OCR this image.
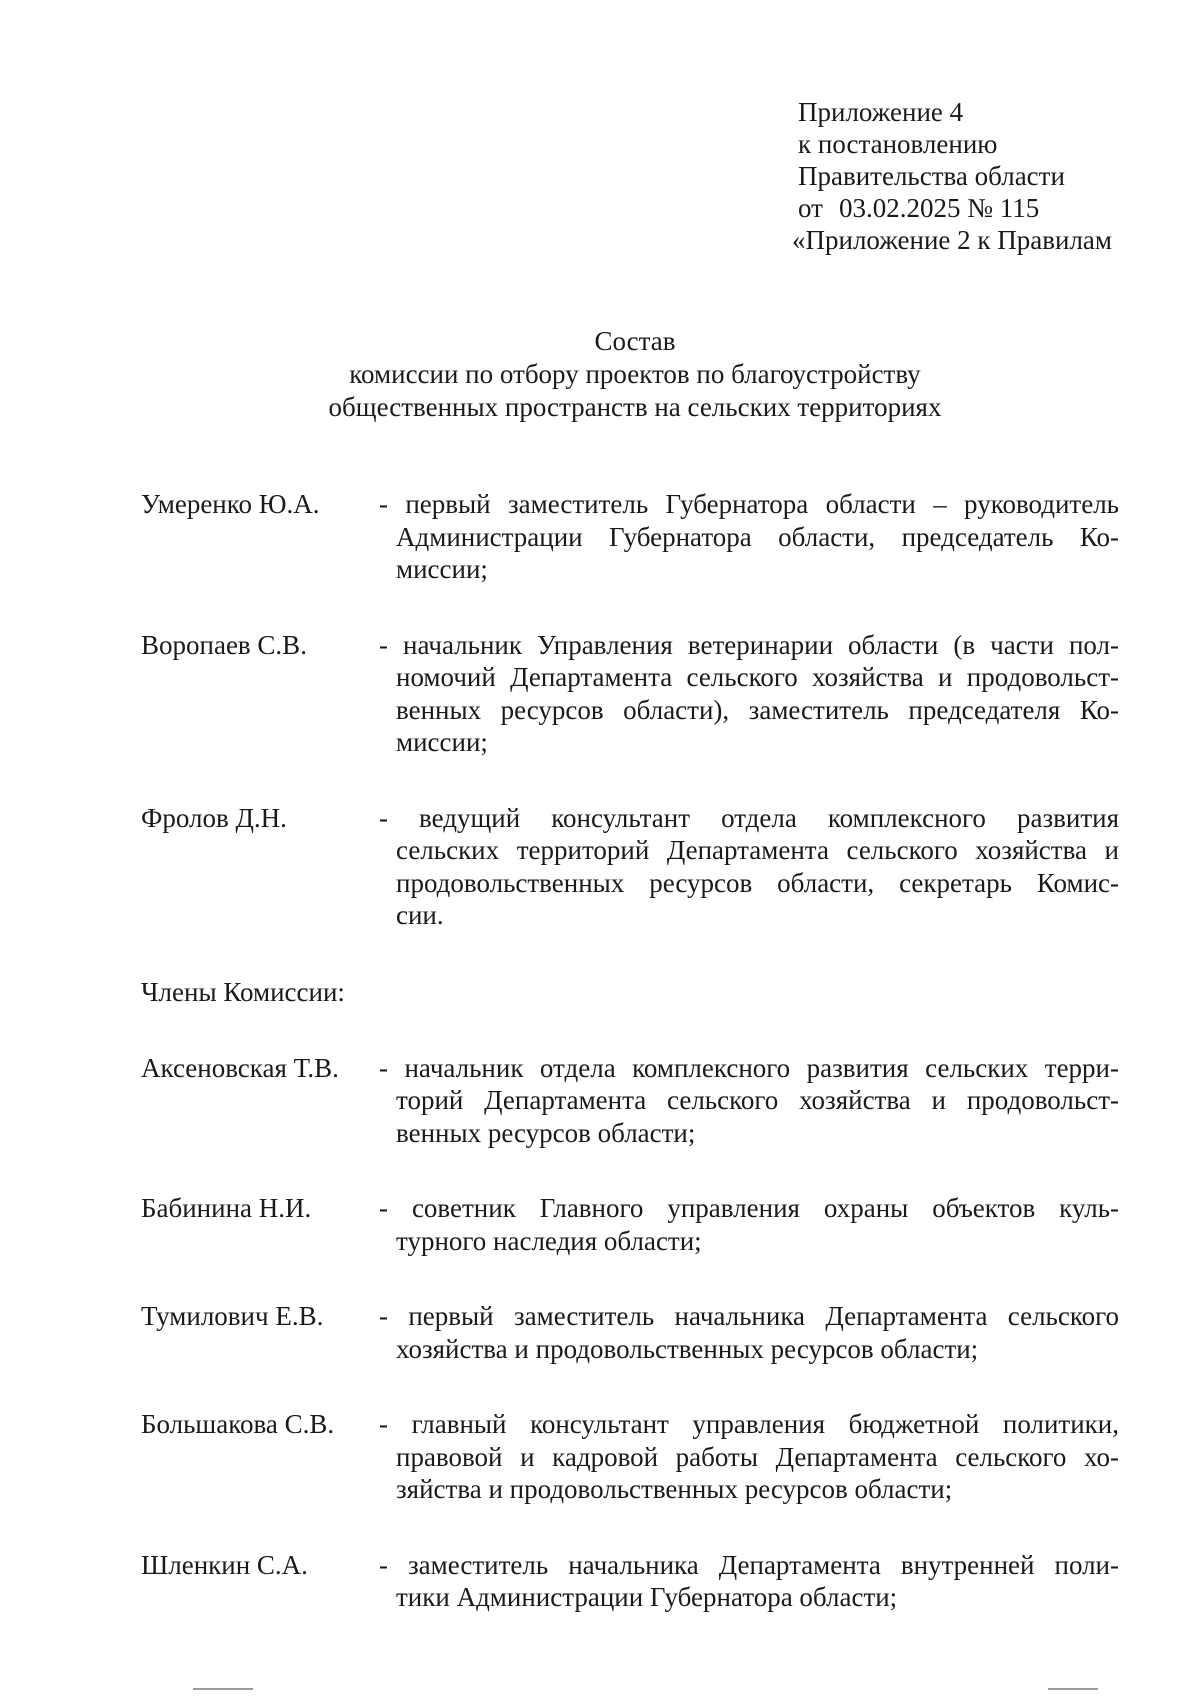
Приложение 4
к постановлению
Правительства области
от 03.02.2025 № 115
«Приложение 2 к Правилам
Состав
комиссии по отбору проектов по благоустройству
общественных пространств на сельских территориях
Умеренко Ю.А.	- первый заместитель Губернатора области – руководитель
Администрации Губернатора области, председатель Ко-
миссии;
Воропаев С.В.	- начальник Управления ветеринарии области (в части пол-
номочий Департамента сельского хозяйства и продовольст-
венных ресурсов области), заместитель председателя Ко-
миссии;
Фролов Д.Н.	- ведущий консультант отдела комплексного развития
сельских территорий Департамента сельского хозяйства и
продовольственных ресурсов области, секретарь Комис-
сии.
Члены Комиссии:
Аксеновская Т.В.	- начальник отдела комплексного развития сельских терри-
торий Департамента сельского хозяйства и продовольст-
венных ресурсов области;
Бабинина Н.И.	- советник Главного управления охраны объектов куль-
турного наследия области;
Тумилович Е.В.	- первый заместитель начальника Департамента сельского
хозяйства и продовольственных ресурсов области;
Большакова С.В.	- главный консультант управления бюджетной политики,
правовой и кадровой работы Департамента сельского хо-
зяйства и продовольственных ресурсов области;
Шленкин С.А.	- заместитель начальника Департамента внутренней поли-
тики Администрации Губернатора области;
